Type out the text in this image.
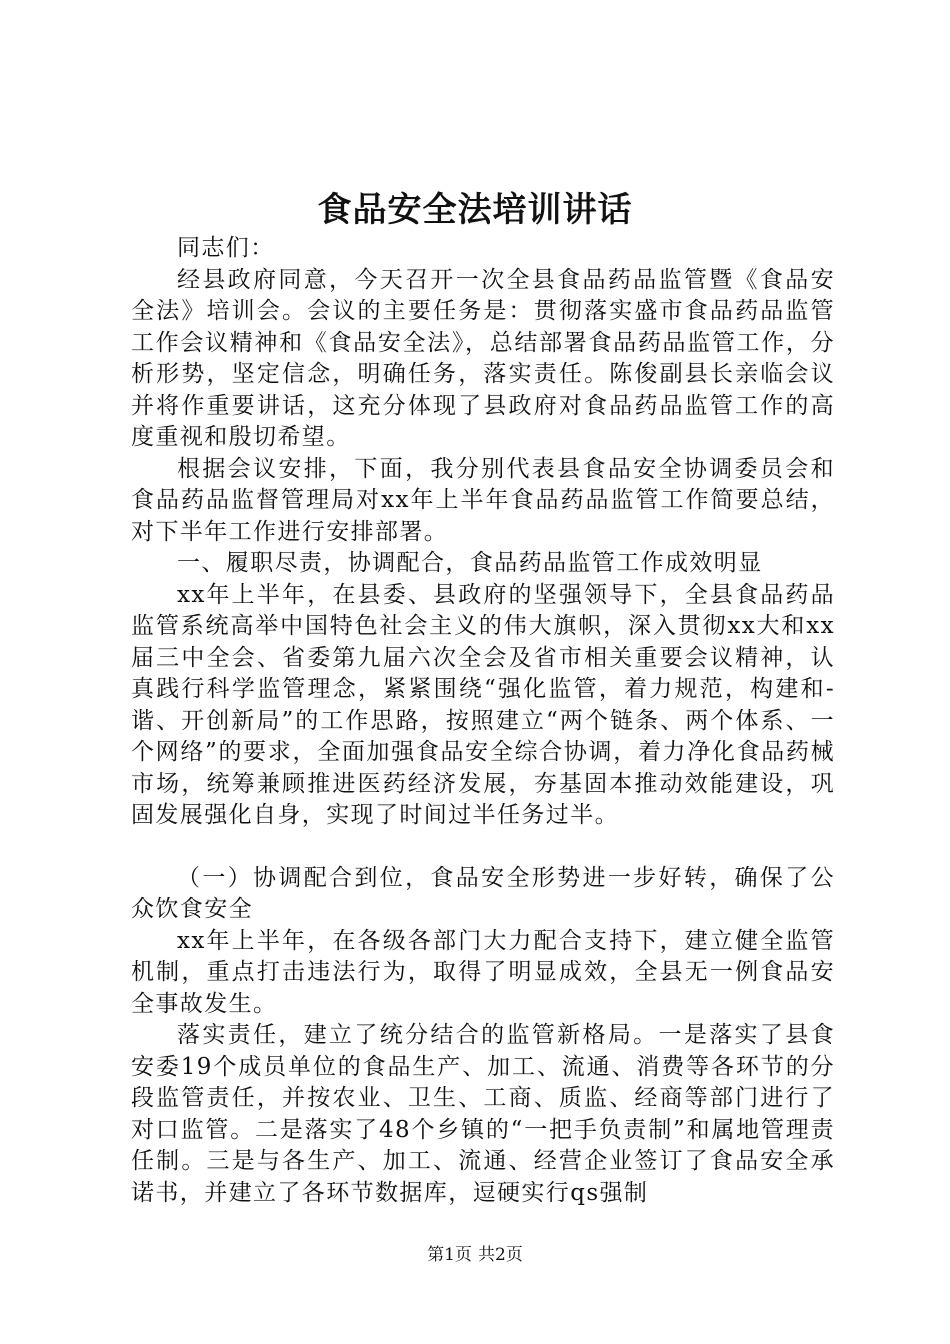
食品安全法培训讲话

同志们：

经县政府同意，今天召开一次全县食品药品监管暨《食品安全法》培训会。会议的主要任务是：贯彻落实盛市食品药品监管工作会议精神和《食品安全法》，总结部署食品药品监管工作，分析形势，坚定信念，明确任务，落实责任。陈俊副县长亲临会议并将作重要讲话，这充分体现了县政府对食品药品监管工作的高度重视和殷切希望。

根据会议安排，下面，我分别代表县食品安全协调委员会和食品药品监督管理局对xx年上半年食品药品监管工作简要总结，对下半年工作进行安排部署。

一、履职尽责，协调配合，食品药品监管工作成效明显

xx年上半年，在县委、县政府的坚强领导下，全县食品药品监管系统高举中国特色社会主义的伟大旗帜，深入贯彻xx大和xx届三中全会、省委第九届六次全会及省市相关重要会议精神，认真践行科学监管理念，紧紧围绕“强化监管，着力规范，构建和-谐、开创新局”的工作思路，按照建立“两个链条、两个体系、一个网络”的要求，全面加强食品安全综合协调，着力净化食品药械市场，统筹兼顾推进医药经济发展，夯基固本推动效能建设，巩固发展强化自身，实现了时间过半任务过半。

（一）协调配合到位，食品安全形势进一步好转，确保了公众饮食安全

xx年上半年，在各级各部门大力配合支持下，建立健全监管机制，重点打击违法行为，取得了明显成效，全县无一例食品安全事故发生。

落实责任，建立了统分结合的监管新格局。一是落实了县食安委19个成员单位的食品生产、加工、流通、消费等各环节的分段监管责任，并按农业、卫生、工商、质监、经商等部门进行了对口监管。二是落实了48个乡镇的“一把手负责制”和属地管理责任制。三是与各生产、加工、流通、经营企业签订了食品安全承诺书，并建立了各环节数据库，逗硬实行qs强制

第1页 共2页
